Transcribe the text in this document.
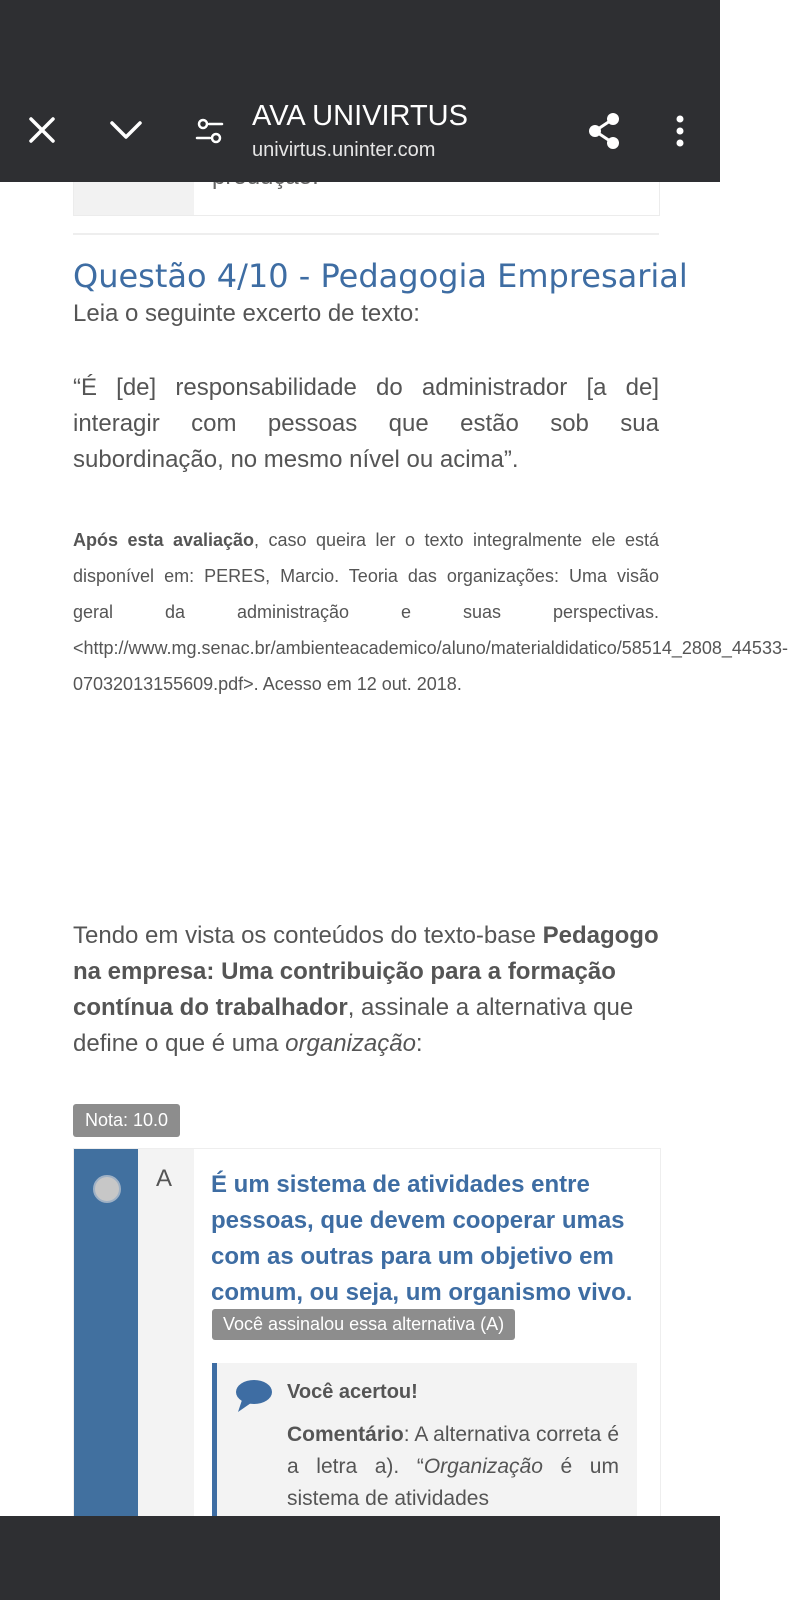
AVA UNIVIRTUS
univirtus.uninter.com
Questão 4/10 - Pedagogia Empresarial
Leia o seguinte excerto de texto:
“É [de] responsabilidade do administrador [a de] interagir com pessoas que estão sob sua subordinação, no mesmo nível ou acima”.
Após esta avaliação, caso queira ler o texto integralmente ele está disponível em: PERES, Marcio. Teoria das organizações: Uma visão geral da administração e suas perspectivas. <http://www.mg.senac.br/ambienteacademico/aluno/materialdidatico/58514_2808_44533-07032013155609.pdf>. Acesso em 12 out. 2018.
Tendo em vista os conteúdos do texto-base Pedagogo na empresa: Uma contribuição para a formação contínua do trabalhador, assinale a alternativa que define o que é uma organização:
Nota: 10.0
A É um sistema de atividades entre pessoas, que devem cooperar umas com as outras para um objetivo em comum, ou seja, um organismo vivo.
Você assinalou essa alternativa (A)
Você acertou!
Comentário: A alternativa correta é a letra a). “Organização é um sistema de atividades
